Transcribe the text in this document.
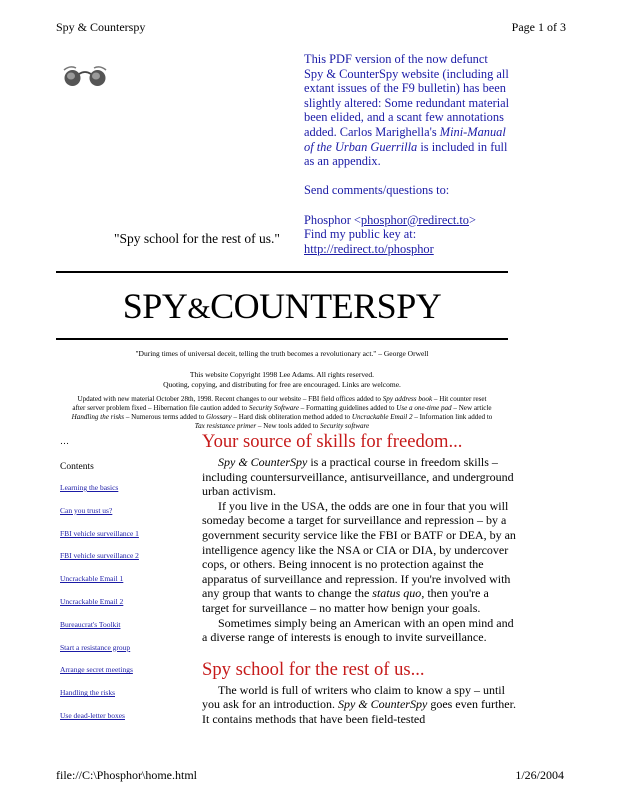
Spy & Counterspy	Page 1 of 3

This PDF version of the now defunct

Spy & CounterSpy website (including all

extant issues of the F9 bulletin) has been

slightly altered: Some redundant material

been elided, and a scant few annotations

added. Carlos Marighella's Mini-Manual

of the Urban Guerrilla is included in full

as an appendix.

Send comments/questions to:

Phosphor <phosphor@redirect.to>

Find my public key at:

http://redirect.to/phosphor

"Spy school for the rest of us."
SPY&COUNTERSPY
"During times of universal deceit, telling the truth becomes a revolutionary act." – George Orwell
This website Copyright 1998 Lee Adams. All rights reserved.
Quoting, copying, and distributing for free are encouraged. Links are welcome.
Updated with new material October 28th, 1998. Recent changes to our website – FBI field offices added to Spy address book – Hit counter reset
after server problem fixed – Hibernation file caution added to Security Software – Formatting guidelines added to Use a one-time pad – New article
Handling the risks – Numerous terms added to Glossary – Hard disk obliteration method added to Uncrackable Email 2 – Information link added to
Tax resistance primer – New tools added to Security software
…
Contents
Learning the basics
Can you trust us?
FBI vehicle surveillance 1
FBI vehicle surveillance 2
Uncrackable Email 1
Uncrackable Email 2
Bureaucrat's Toolkit
Start a resistance group
Arrange secret meetings
Handling the risks
Use dead-letter boxes
Your source of skills for freedom...

Spy & CounterSpy is a practical course in freedom skills – including countersurveillance, antisurveillance, and underground urban activism.

If you live in the USA, the odds are one in four that you will someday become a target for surveillance and repression – by a government security service like the FBI or BATF or DEA, by an intelligence agency like the NSA or CIA or DIA, by undercover cops, or others. Being innocent is no protection against the apparatus of surveillance and repression. If you're involved with any group that wants to change the status quo, then you're a target for surveillance – no matter how benign your goals.

Sometimes simply being an American with an open mind and a diverse range of interests is enough to invite surveillance.

Spy school for the rest of us...

The world is full of writers who claim to know a spy – until you ask for an introduction. Spy & CounterSpy goes even further. It contains methods that have been field-tested

file://C:\Phosphor\home.html	1/26/2004
